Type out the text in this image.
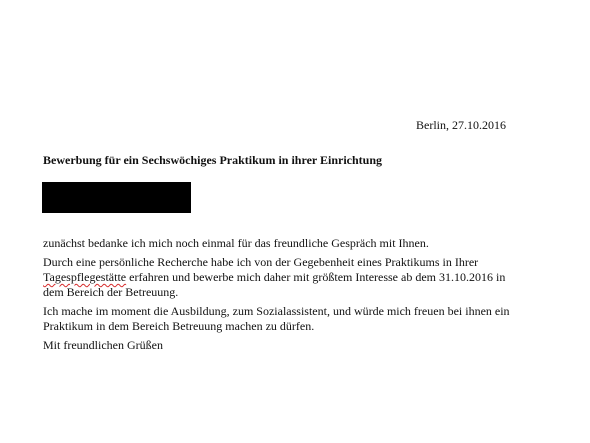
Berlin, 27.10.2016
Bewerbung für ein Sechswöchiges Praktikum in ihrer Einrichtung

zunächst bedanke ich mich noch einmal für das freundliche Gespräch mit Ihnen.

Durch eine persönliche Recherche habe ich von der Gegebenheit eines Praktikums in Ihrer
Tagespflegestätte erfahren und bewerbe mich daher mit größtem Interesse ab dem 31.10.2016 in
dem Bereich der Betreuung.

Ich mache im moment die Ausbildung, zum Sozialassistent, und würde mich freuen bei ihnen ein
Praktikum in dem Bereich Betreuung machen zu dürfen.

Mit freundlichen Grüßen
